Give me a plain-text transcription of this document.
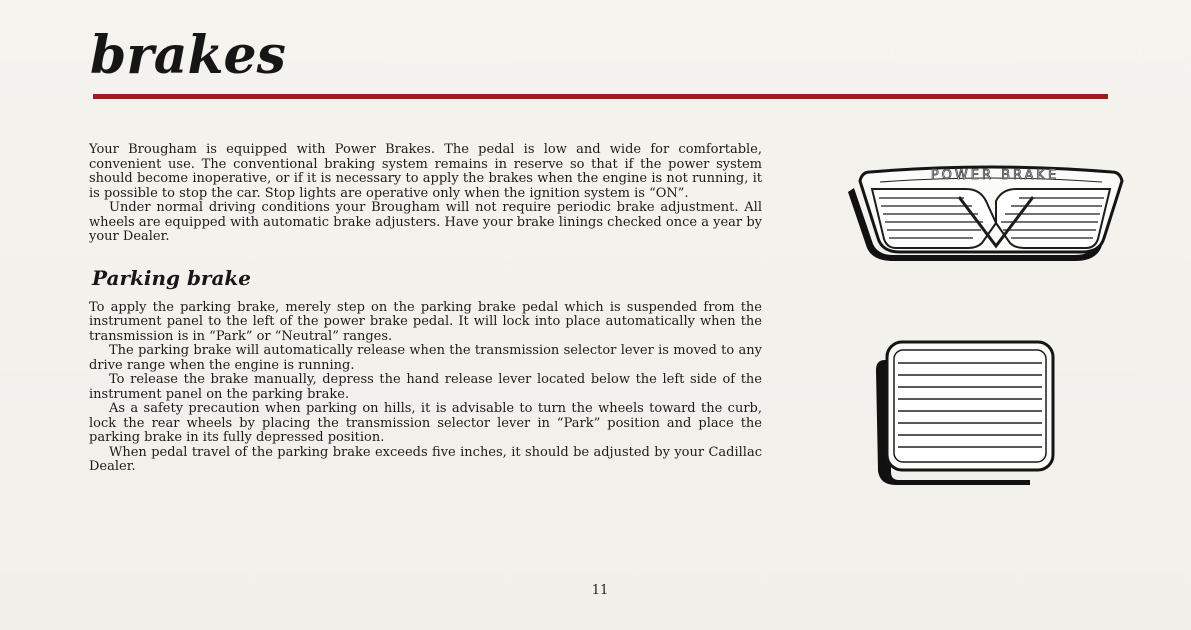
brakes

Your Brougham is equipped with Power Brakes. The pedal is low and wide for comfortable, convenient use. The conventional braking system remains in reserve so that if the power system should become inoperative, or if it is necessary to apply the brakes when the engine is not running, it is possible to stop the car. Stop lights are operative only when the ignition system is “ON”.

Under normal driving conditions your Brougham will not require periodic brake adjustment. All wheels are equipped with automatic brake adjusters. Have your brake linings checked once a year by your Dealer.

Parking brake

To apply the parking brake, merely step on the parking brake pedal which is suspended from the instrument panel to the left of the power brake pedal. It will lock into place automatically when the transmission is in “Park” or “Neutral” ranges.

The parking brake will automatically release when the transmission selector lever is moved to any drive range when the engine is running.

To release the brake manually, depress the hand release lever located below the left side of the instrument panel on the parking brake.

As a safety precaution when parking on hills, it is advisable to turn the wheels toward the curb, lock the rear wheels by placing the transmission selector lever in “Park” position and place the parking brake in its fully depressed position.

When pedal travel of the parking brake exceeds five inches, it should be adjusted by your Cadillac Dealer.

POWER BRAKE
11
